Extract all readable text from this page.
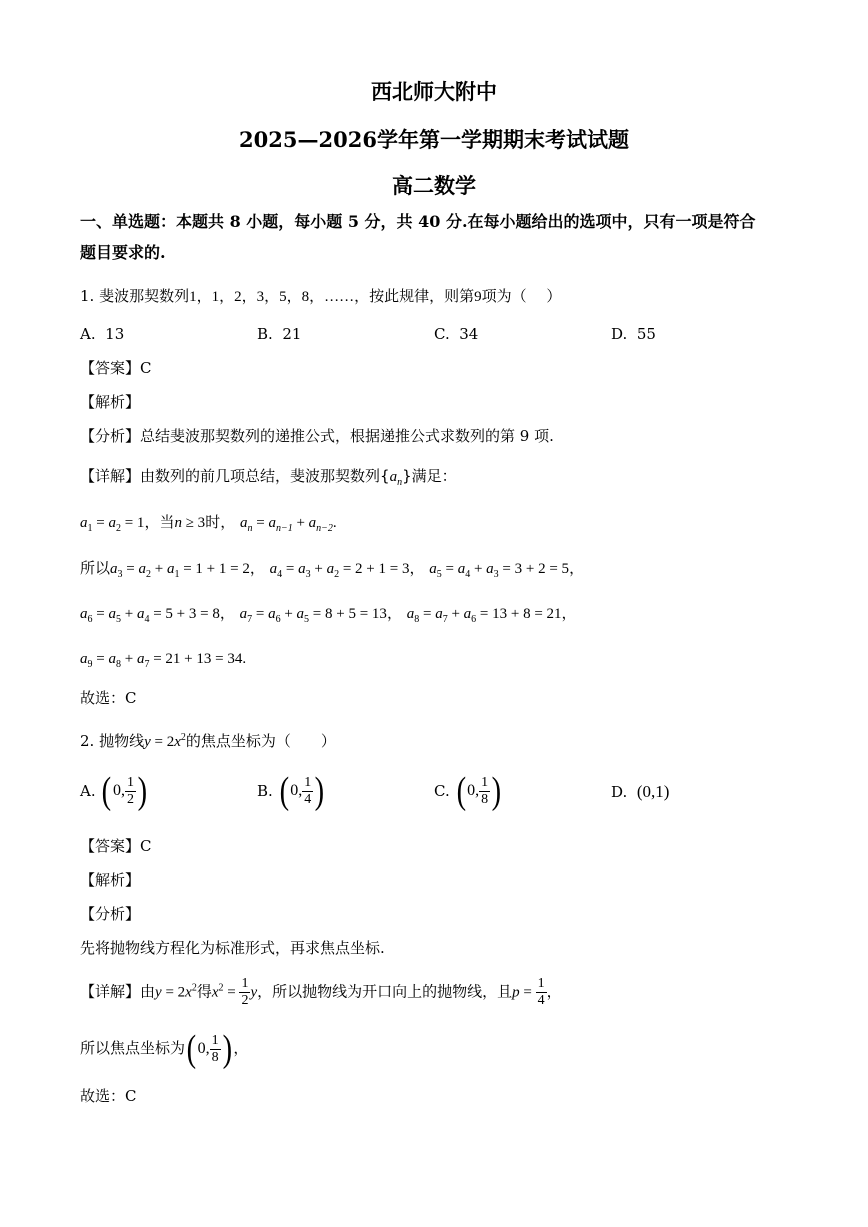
西北师大附中
2025—2026学年第一学期期末考试试题
高二数学
一、单选题：本题共 8 小题，每小题 5 分，共 40 分.在每小题给出的选项中，只有一项是符合
题目要求的.
1. 斐波那契数列1，1，2，3，5，8，……，按此规律，则第9项为（　 ）
A. 13	B. 21	C. 34	D. 55
【答案】C
【解析】
【分析】总结斐波那契数列的递推公式，根据递推公式求数列的第 9 项.
【详解】由数列的前几项总结，斐波那契数列$\{a_n\}$满足：
$a_1 = a_2 = 1$，当n ≥ 3时， $a_n = a_{n-1} + a_{n-2}$.
所以$a_3 = a_2 + a_1 = 1 + 1 = 2$， $a_4 = a_3 + a_2 = 2 + 1 = 3$， $a_5 = a_4 + a_3 = 3 + 2 = 5$，
$a_6 = a_5 + a_4 = 5 + 3 = 8$， $a_7 = a_6 + a_5 = 8 + 5 = 13$， $a_8 = a_7 + a_6 = 13 + 8 = 21$，
$a_9 = a_8 + a_7 = 21 + 13 = 34$.
故选：C
2. 抛物线$y = 2x^2$的焦点坐标为（　　）
A. (0, $\frac{1}{2}$ )	B. (0, $\frac{1}{4}$ )	C. (0, $\frac{1}{8}$ )	D. (0,1)
【答案】C
【解析】
【分析】
先将抛物线方程化为标准形式，再求焦点坐标.
【详解】由$y = 2x^2$得$x^2 = \frac{1}{2}$ y，所以抛物线为开口向上的抛物线，且$p = \frac{1}{4}$ ，
所以焦点坐标为(0, $\frac{1}{8}$ ) ，
故选：C
